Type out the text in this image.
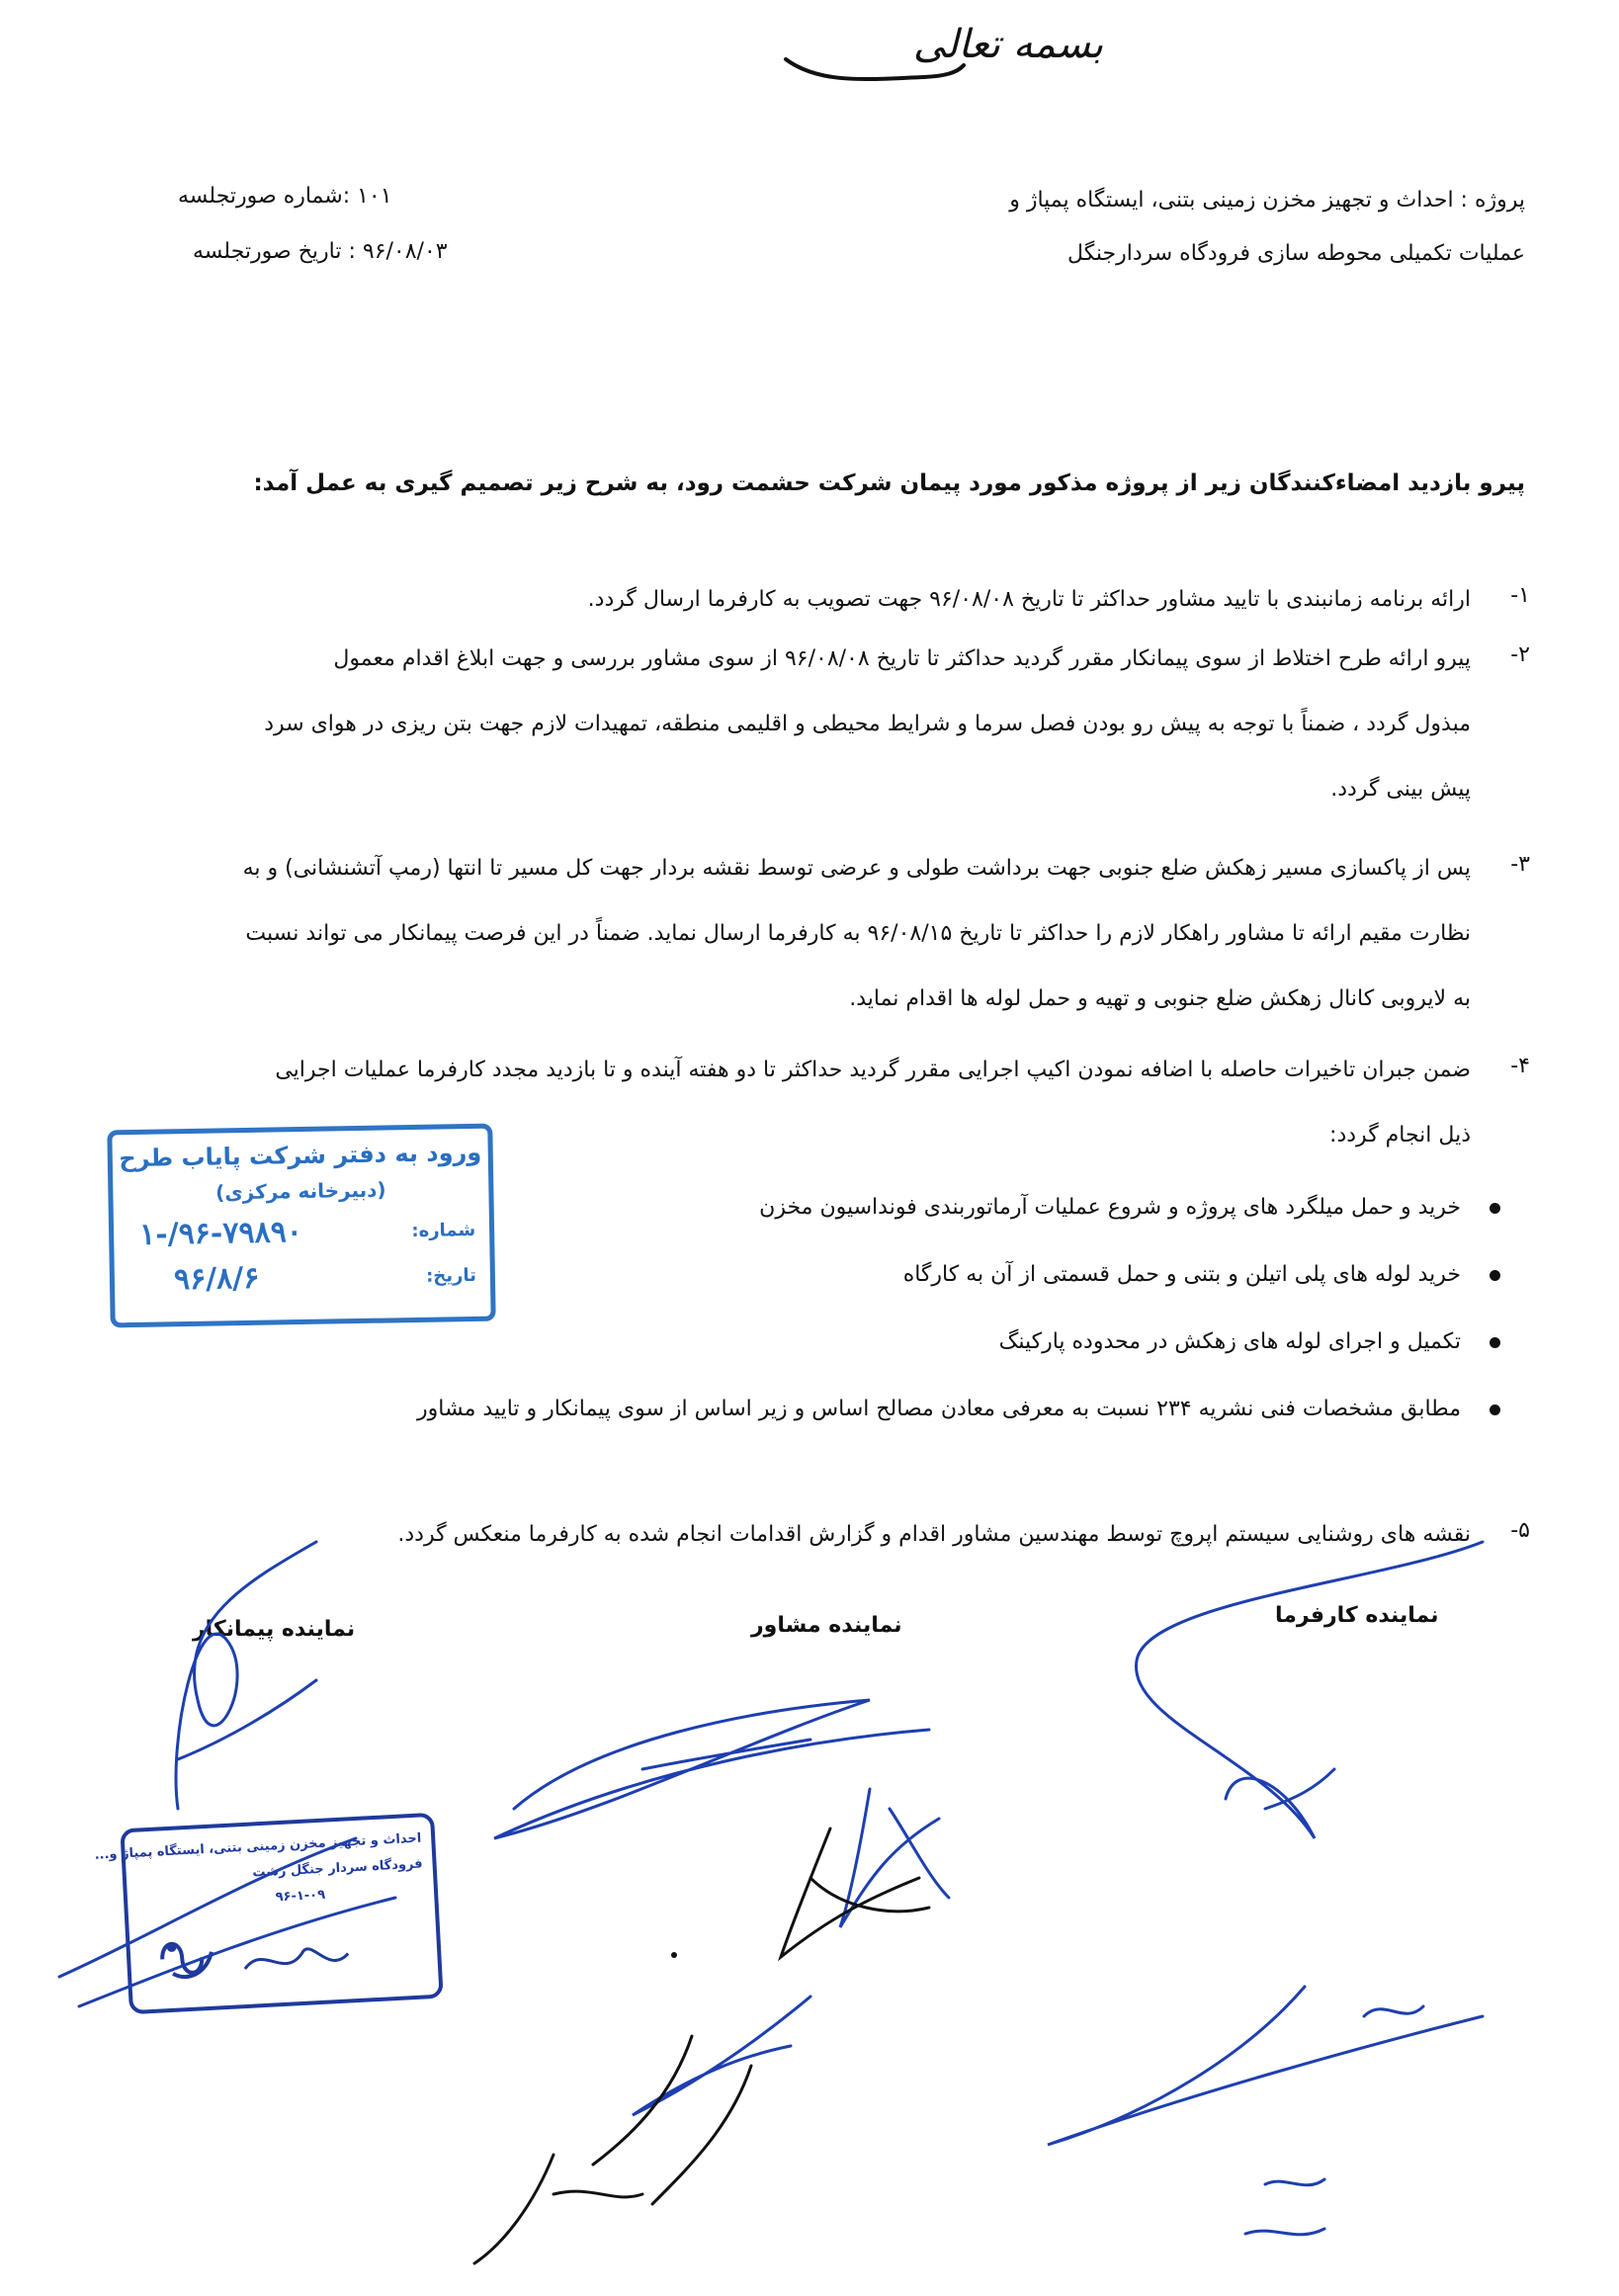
بسمه تعالی
پروژه : احداث و تجهیز مخزن زمینی بتنی، ایستگاه پمپاژ و
عملیات تکمیلی محوطه سازی فرودگاه سردارجنگل
۱۰۱ :شماره صورتجلسه
۹۶/۰۸/۰۳ : تاریخ صورتجلسه
پیرو بازدید امضاءکنندگان زیر از پروژه مذکور مورد پیمان شرکت حشمت رود، به شرح زیر تصمیم گیری به عمل آمد:
-۱
ارائه برنامه زمانبندی با تایید مشاور حداکثر تا تاریخ ۹۶/۰۸/۰۸ جهت تصویب به کارفرما ارسال گردد.
-۲
پیرو ارائه طرح اختلاط از سوی پیمانکار مقرر گردید حداکثر تا تاریخ ۹۶/۰۸/۰۸ از سوی مشاور بررسی و جهت ابلاغ اقدام معمول
مبذول گردد ، ضمناً با توجه به پیش رو بودن فصل سرما و شرایط محیطی و اقلیمی منطقه، تمهیدات لازم جهت بتن ریزی در هوای سرد
پیش بینی گردد.
-۳
پس از پاکسازی مسیر زهکش ضلع جنوبی جهت برداشت طولی و عرضی توسط نقشه بردار جهت کل مسیر تا انتها (رمپ آتشنشانی) و به
نظارت مقیم ارائه تا مشاور راهکار لازم را حداکثر تا تاریخ ۹۶/۰۸/۱۵ به کارفرما ارسال نماید. ضمناً در این فرصت پیمانکار می تواند نسبت
به لایروبی کانال زهکش ضلع جنوبی و تهیه و حمل لوله ها اقدام نماید.
-۴
ضمن جبران تاخیرات حاصله با اضافه نمودن اکیپ اجرایی مقرر گردید حداکثر تا دو هفته آینده و تا بازدید مجدد کارفرما عملیات اجرایی
ذیل انجام گردد:
خرید و حمل میلگرد های پروژه و شروع عملیات آرماتوربندی فونداسیون مخزن
خرید لوله های پلی اتیلن و بتنی و حمل قسمتی از آن به کارگاه
تکمیل و اجرای لوله های زهکش در محدوده پارکینگ
مطابق مشخصات فنی نشریه ۲۳۴ نسبت به معرفی معادن مصالح اساس و زیر اساس از سوی پیمانکار و تایید مشاور
-۵
نقشه های روشنایی سیستم اپروچ توسط مهندسین مشاور اقدام و گزارش اقدامات انجام شده به کارفرما منعکس گردد.
نماینده کارفرما
نماینده مشاور
نماینده پیمانکار
ورود به دفتر شرکت پایاب طرح
(دبیرخانه مرکزی)
شماره:
۱-/۹۶-۷۹۸۹۰
تاریخ:
۹۶/۸/۶
احداث و تجهیز مخزن زمینی بتنی، ایستگاه پمپاژ و...
فرودگاه سردار جنگل رشت
۹۶-۱-۰۹
